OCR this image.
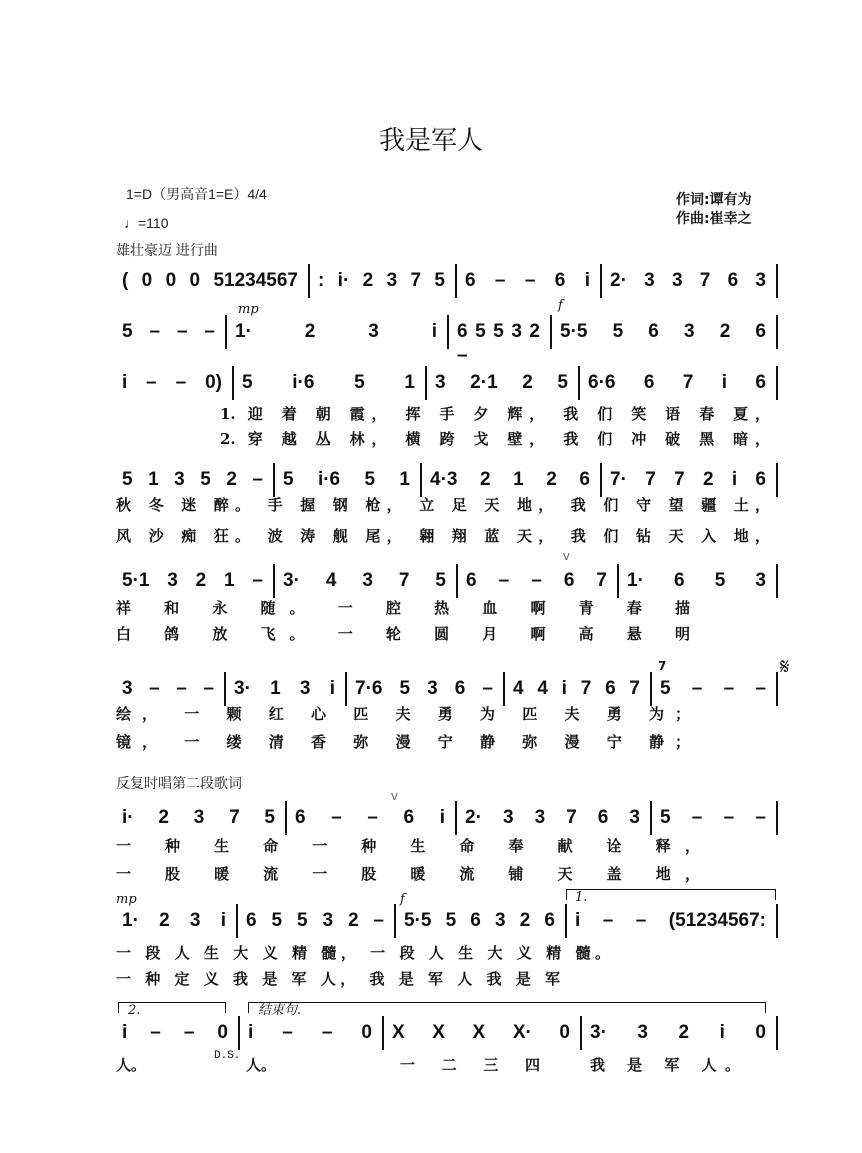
我是军人
1=D（男高音1=E）4/4
♩=110
雄壮豪迈 进行曲
作词:谭有为
作曲:崔幸之
反复时唱第二段歌词
mp	f
mp	f	1.
2.	结束句.
D.S.
7	𝄋
V
V
( 0 0 0 51234567 : i· 2 3 7 5 6 – – 6 i 2· 3 3 7 6 3
5 – – – 1· 2 3 i 6 5 5 3 2 –
5·5 5 6 3 2 6
i – – 0) 5 i·6 5 1 3 2·1 2 5 6·6 6 7 i 6
5 1 3 5 2 – 5 i·6 5 1 4·3 2 1 2 6 7· 7 7 2 i 6
5·1 3 2 1 – 3· 4 3 7 5 6 – – 6 7 1· 6 5 3
3 – – – 3· 1 3 i 7·6 5 3 6 – 4 4 i 7 6 7 5 – – –
i· 2 3 7 5 6 – – 6 i 2· 3 3 7 6 3 5 – – –
1· 2 3 i 6 5 5 3 2 – 5·5 5 6 3 2 6 i – – (51234567:
i – – 0 i – – 0 X X X X· 0 3· 3 2 i 0
1. 迎 着 朝 霞， 挥 手 夕 辉， 我 们 笑 语 春 夏，
2. 穿 越 丛 林， 横 跨 戈 壁， 我 们 冲 破 黑 暗，
秋 冬 迷 醉。 手 握 钢 枪， 立 足 天 地， 我 们 守 望 疆 土，
风 沙 痴 狂。 波 涛 舰 尾， 翱 翔 蓝 天， 我 们 钻 天 入 地，
祥 和 永 随。 一 腔 热 血 啊 青 春 描
白 鸽 放 飞。 一 轮 圆 月 啊 高 悬 明
绘， 一 颗 红 心 匹 夫 勇 为 匹 夫 勇 为；
镜， 一 缕 清 香 弥 漫 宁 静 弥 漫 宁 静；
一 种 生 命 一 种 生 命 奉 献 诠 释，
一 股 暖 流 一 股 暖 流 铺 天 盖 地，
一 段 人 生 大 义 精 髓， 一 段 人 生 大 义 精 髓。
一 种 定 义 我 是 军 人， 我 是 军 人 我 是 军
人。	人。	一 二 三 四	我 是 军 人。
